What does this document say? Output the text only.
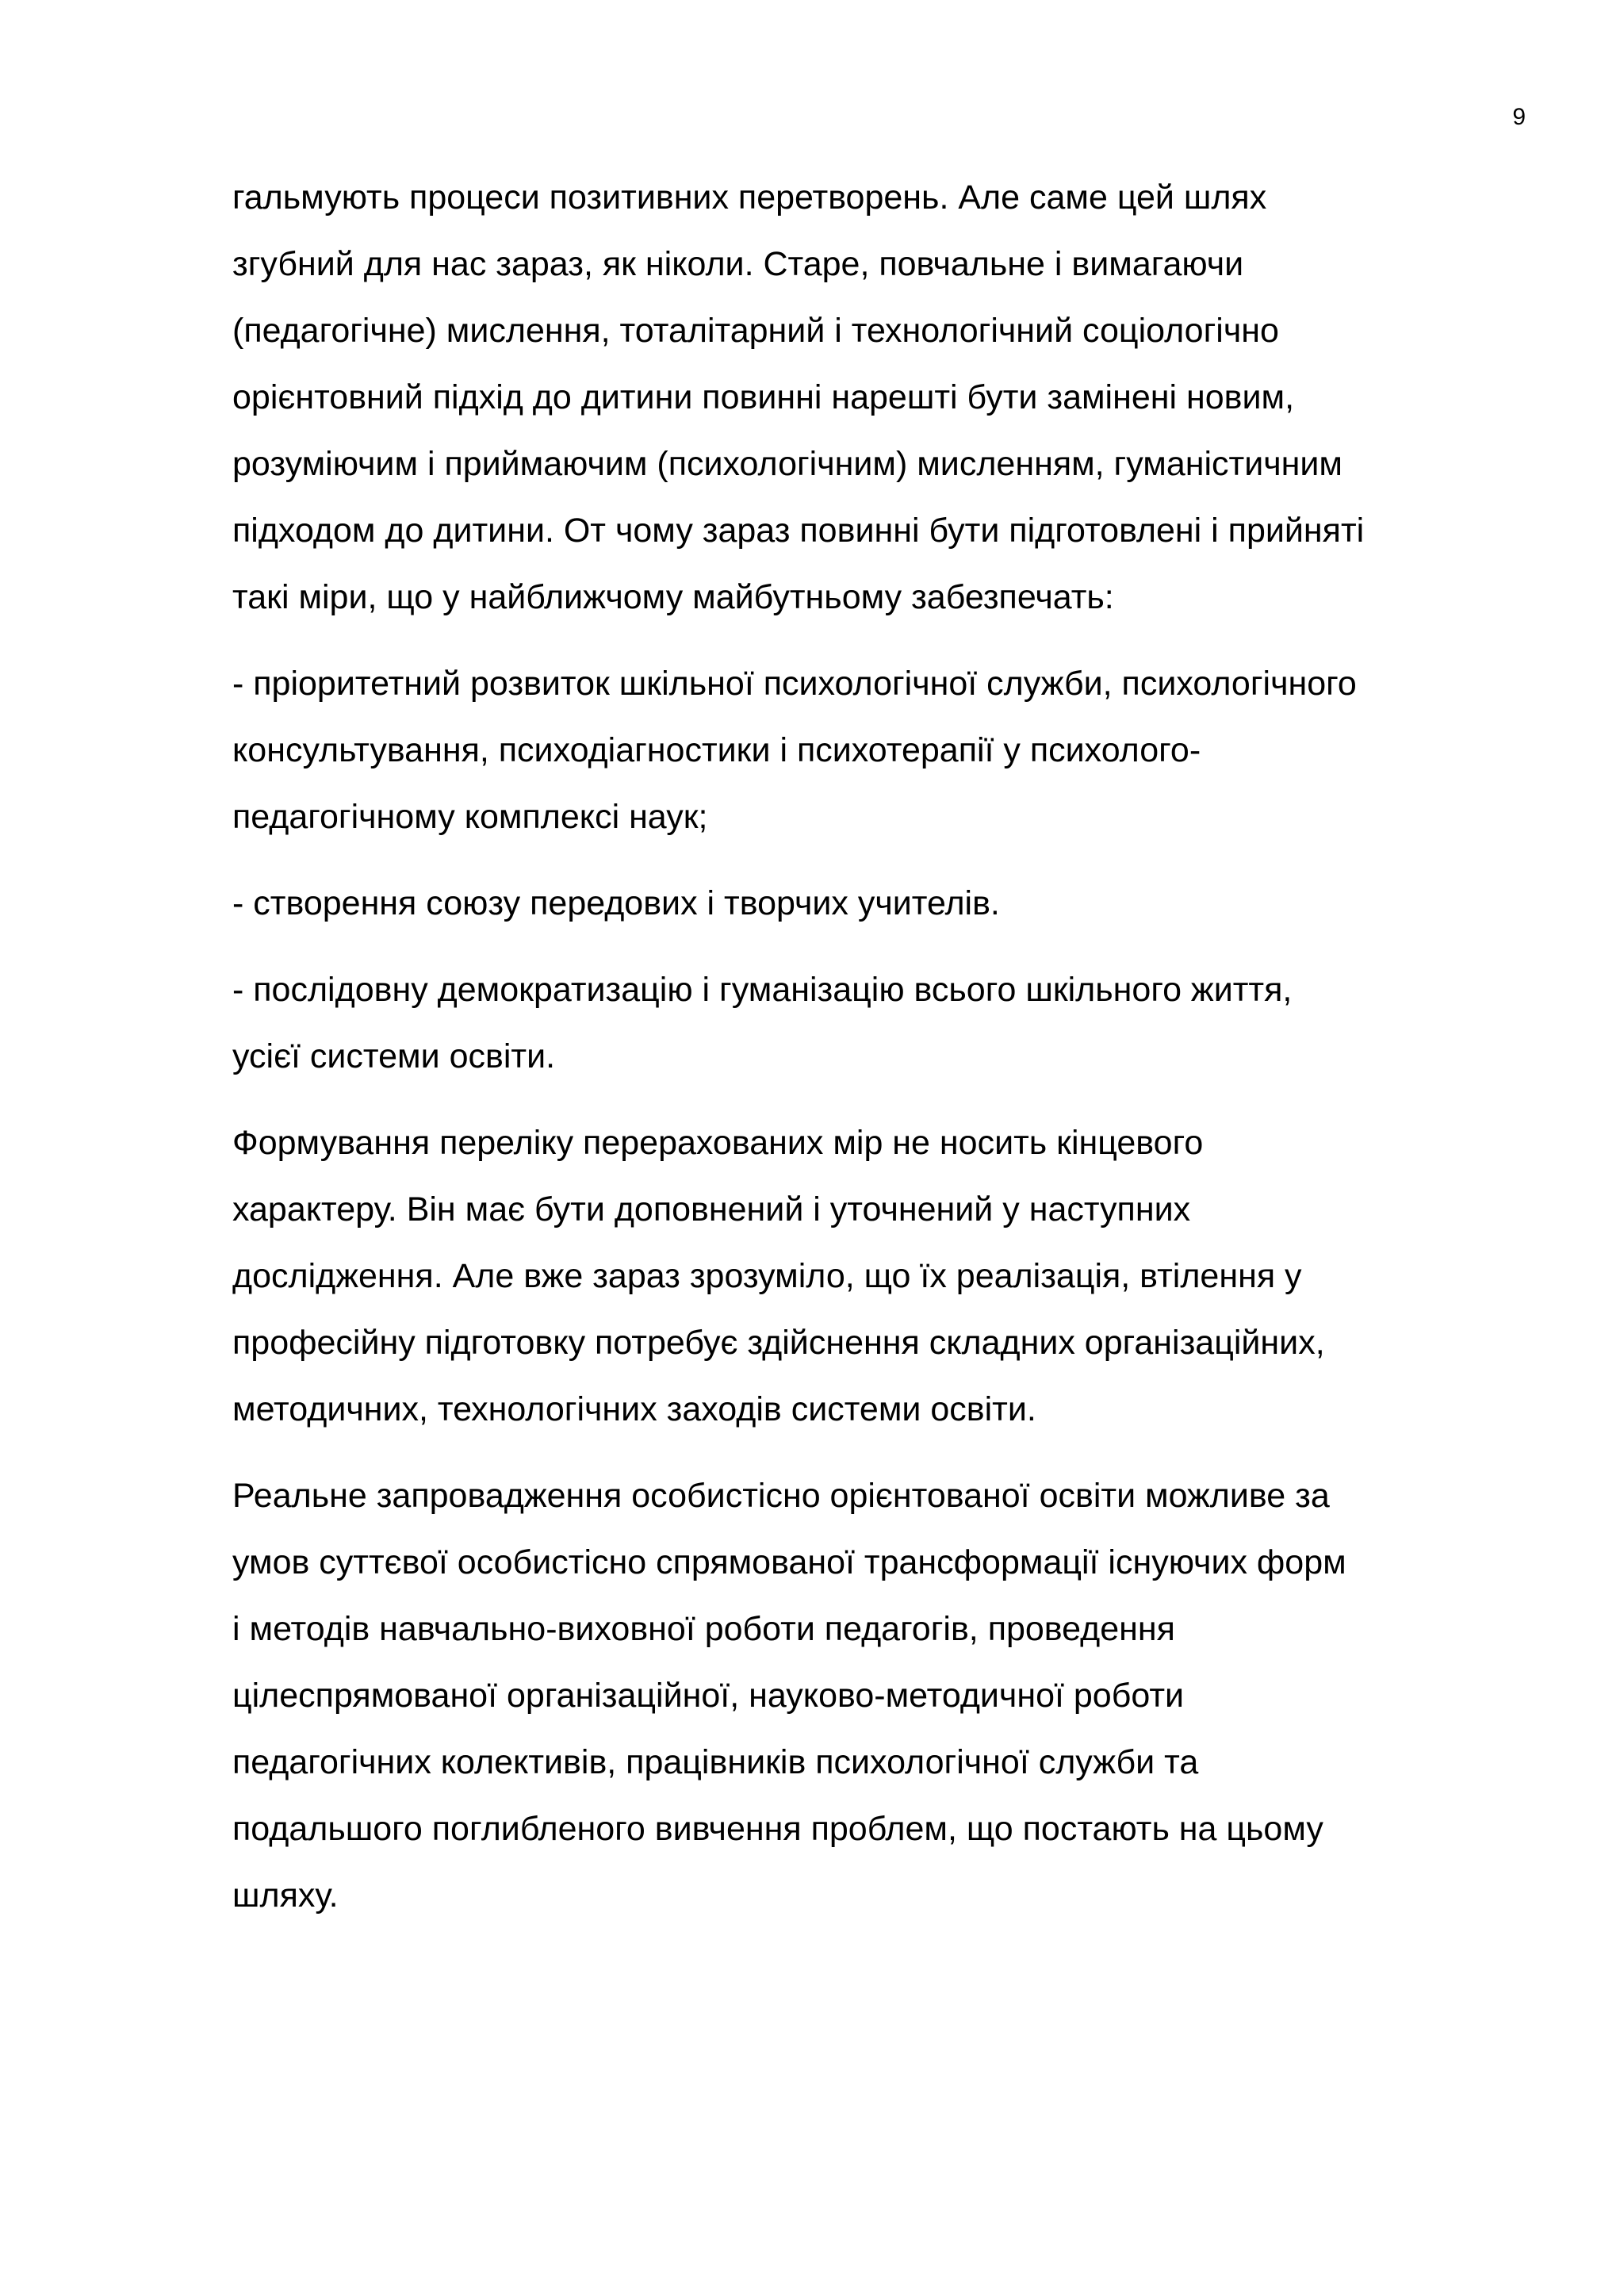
9
гальмують процеси позитивних перетворень. Але саме цей шлях
згубний для нас зараз, як ніколи. Старе, повчальне і вимагаючи
(педагогічне) мислення, тоталітарний і технологічний соціологічно
орієнтовний підхід до дитини повинні нарешті бути замінені новим,
розуміючим і приймаючим (психологічним) мисленням, гуманістичним
підходом до дитини. От чому зараз повинні бути підготовлені і прийняті
такі міри, що у найближчому майбутньому забезпечать:
- пріоритетний розвиток шкільної психологічної служби, психологічного
консультування, психодіагностики і психотерапії у психолого-
педагогічному комплексі наук;
- створення союзу передових і творчих учителів.
- послідовну демократизацію і гуманізацію всього шкільного життя,
усієї системи освіти.
Формування переліку перерахованих мір не носить кінцевого
характеру. Він має бути доповнений і уточнений у наступних
дослідження. Але вже зараз зрозуміло, що їх реалізація, втілення у
професійну підготовку потребує здійснення складних організаційних,
методичних, технологічних заходів системи освіти.
Реальне запровадження особистісно орієнтованої освіти можливе за
умов суттєвої особистісно спрямованої трансформації існуючих форм
і методів навчально-виховної роботи педагогів, проведення
цілеспрямованої організаційної, науково-методичної роботи
педагогічних колективів, працівників психологічної служби та
подальшого поглибленого вивчення проблем, що постають на цьому
шляху.
